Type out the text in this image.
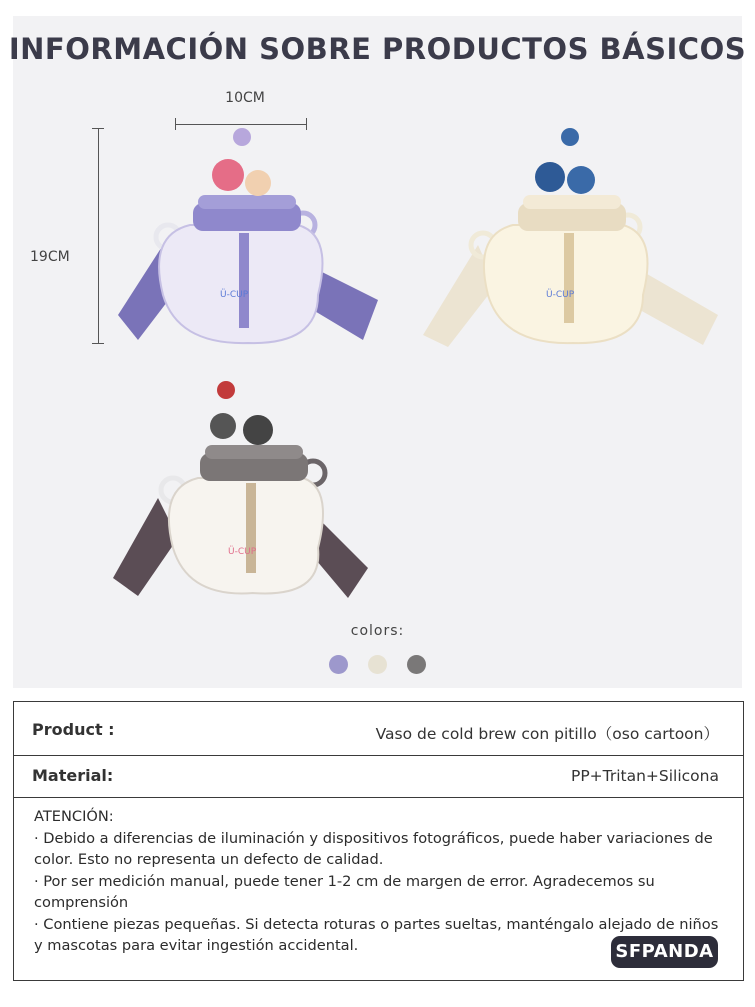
INFORMACIÓN SOBRE PRODUCTOS BÁSICOS
10CM
19CM
Ü-CUP	Ü-CUP
Ü-CUP
colors:
Product :	Vaso de cold brew con pitillo（oso cartoon）
Material:	PP+Tritan+Silicona

ATENCIÓN:

· Debido a diferencias de iluminación y dispositivos fotográficos, puede haber variaciones de color. Esto no representa un defecto de calidad.

· Por ser medición manual, puede tener 1-2 cm de margen de error. Agradecemos su comprensión

· Contiene piezas pequeñas. Si detecta roturas o partes sueltas, manténgalo alejado de niños y mascotas para evitar ingestión accidental.	SFPANDA
